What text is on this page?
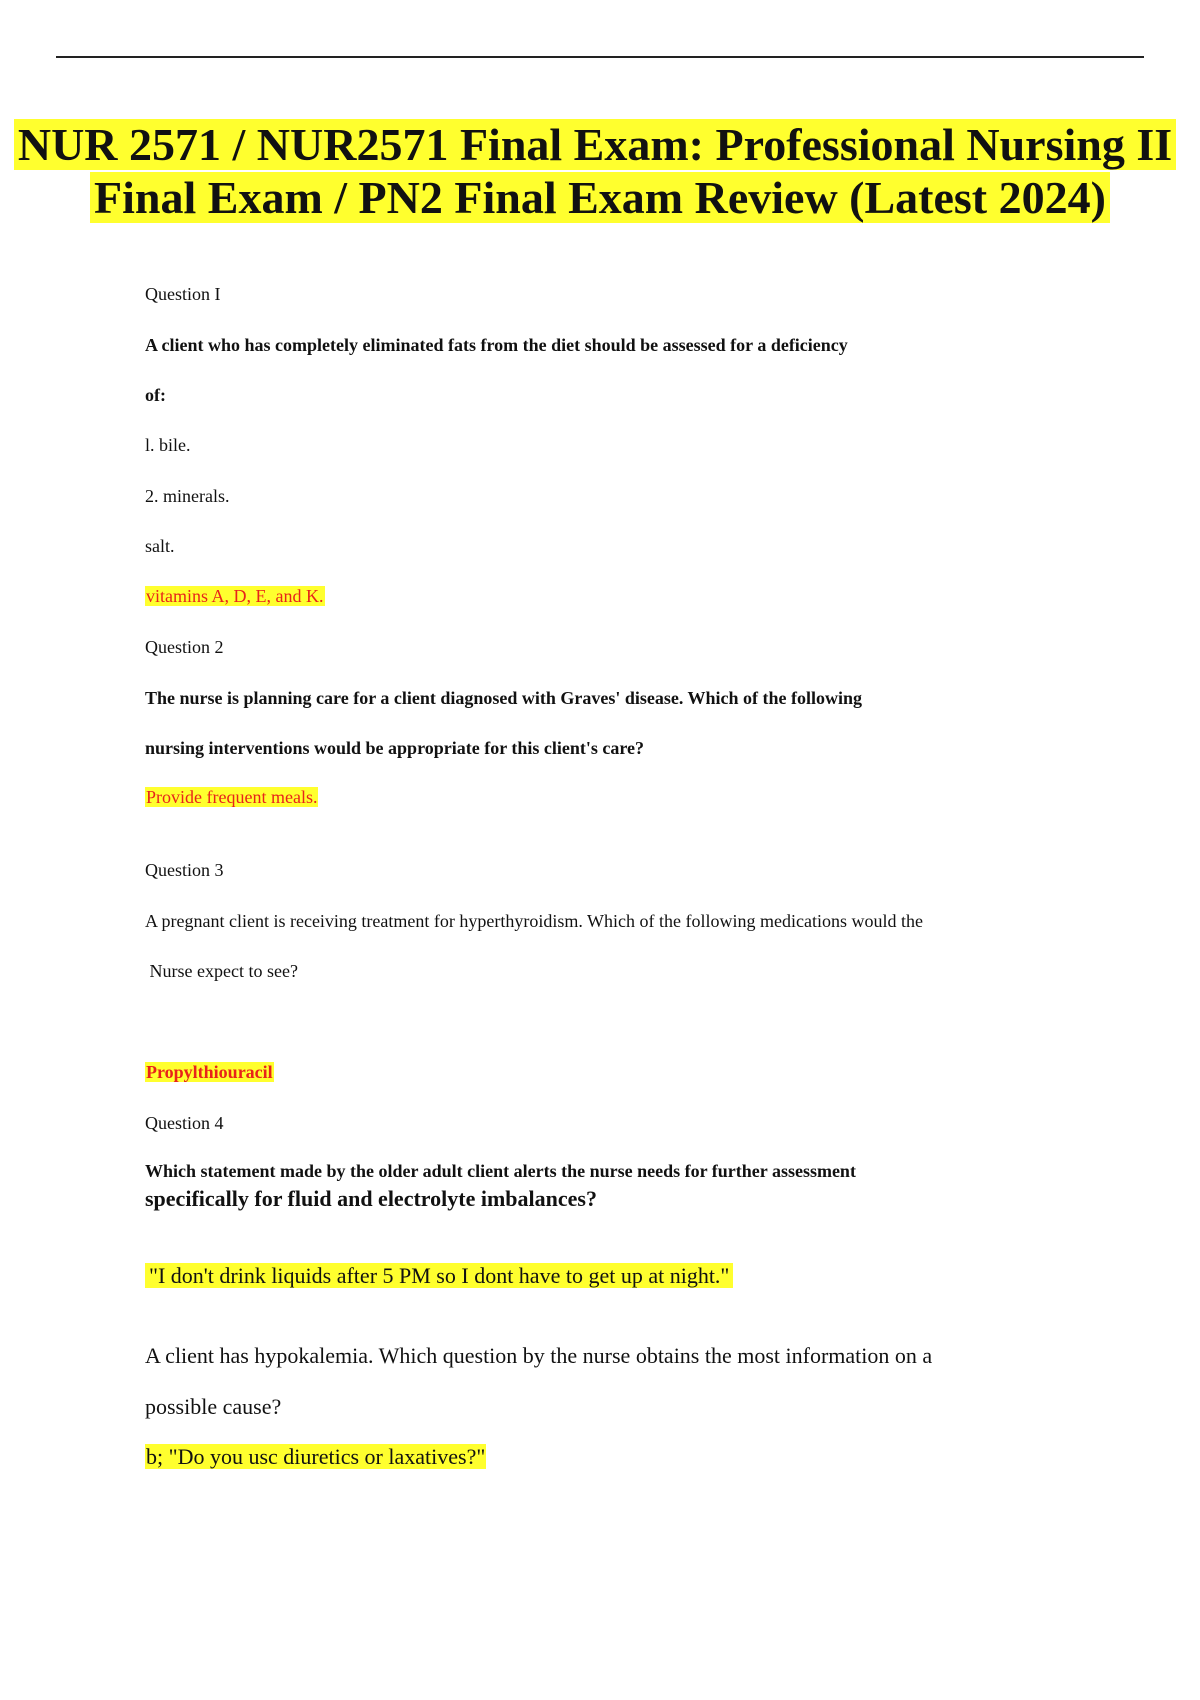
NUR 2571 / NUR2571 Final Exam: Professional Nursing II
Final Exam / PN2 Final Exam Review (Latest 2024)
Question I
A client who has completely eliminated fats from the diet should be assessed for a deficiency
of:
l. bile.
2. minerals.
salt.
vitamins A, D, E, and K.
Question 2
The nurse is planning care for a client diagnosed with Graves' disease. Which of the following
nursing interventions would be appropriate for this client's care?
Provide frequent meals.
Question 3
A pregnant client is receiving treatment for hyperthyroidism. Which of the following medications would the
Nurse expect to see?
Propylthiouracil
Question 4
Which statement made by the older adult client alerts the nurse needs for further assessment
specifically for fluid and electrolyte imbalances?
"I don't drink liquids after 5 PM so I dont have to get up at night."
A client has hypokalemia. Which question by the nurse obtains the most information on a
possible cause?
b; "Do you usc diuretics or laxatives?"
